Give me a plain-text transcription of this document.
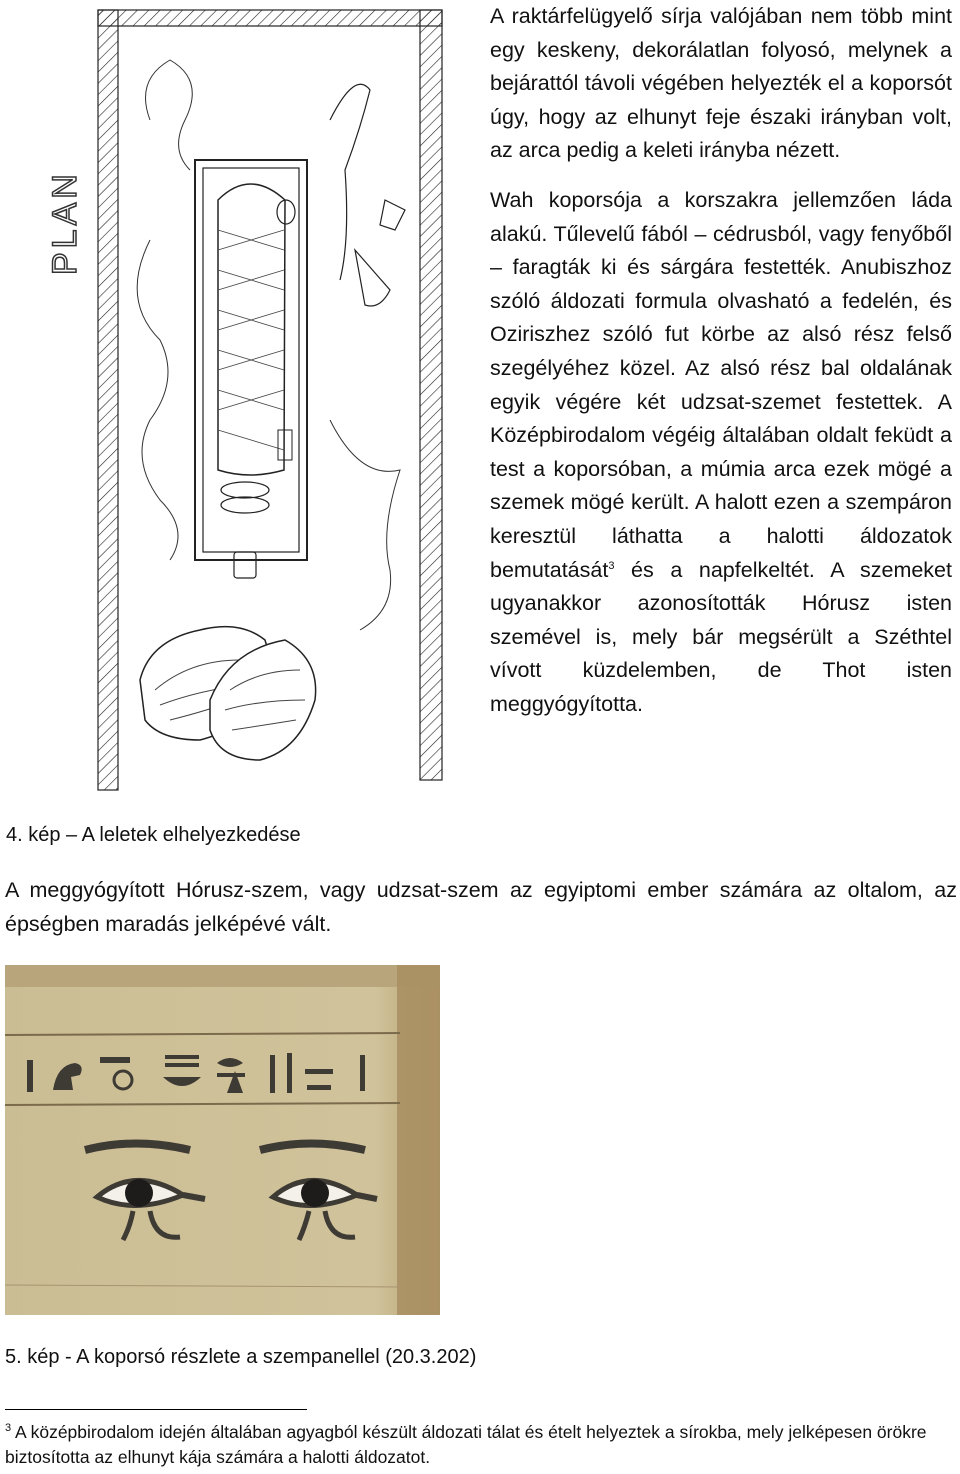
PLAN

A raktárfelügyelő sírja valójában nem több mint egy keskeny, dekorálatlan folyosó, melynek a bejárattól távoli végében helyezték el a koporsót úgy, hogy az elhunyt feje északi irányban volt, az arca pedig a keleti irányba nézett.

Wah koporsója a korszakra jellemzően láda alakú. Tűlevelű fából – cédrusból, vagy fenyőből – faragták ki és sárgára festették. Anubiszhoz szóló áldozati formula olvasható a fedelén, és Oziriszhez szóló fut körbe az alsó rész felső szegélyéhez közel. Az alsó rész bal oldalának egyik végére két udzsat-szemet festettek. A Középbirodalom végéig általában oldalt feküdt a test a koporsóban, a múmia arca ezek mögé a szemek mögé került. A halott ezen a szempáron keresztül láthatta a halotti áldozatok bemutatását$^3$ és a napfelkeltét. A szemeket ugyanakkor azonosították Hórusz isten szemével is, mely bár megsérült a Széthtel vívott küzdelemben, de Thot isten meggyógyította.

4. kép – A leletek elhelyezkedése
A meggyógyított Hórusz-szem, vagy udzsat-szem az egyiptomi ember számára az oltalom, az épségben maradás jelképévé vált.
5. kép - A koporsó részlete a szempanellel (20.3.202)
$^3$ A középbirodalom idején általában agyagból készült áldozati tálat és ételt helyeztek a sírokba, mely jelképesen örökre biztosította az elhunyt kája számára a halotti áldozatot.
